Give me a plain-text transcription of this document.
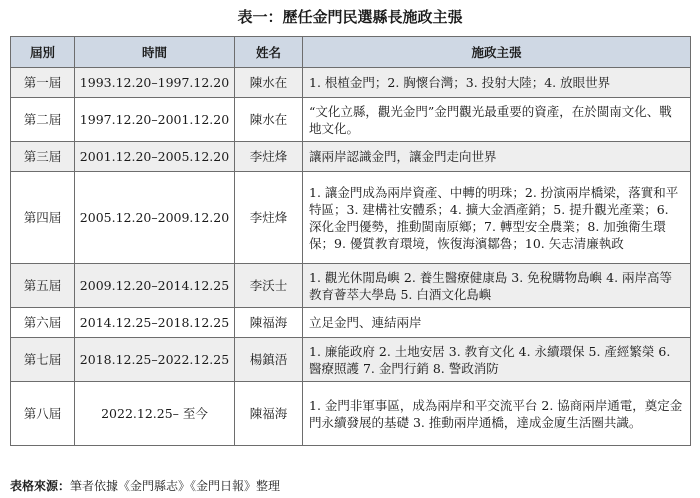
表一：歷任金門民選縣長施政主張
屆別	時間	姓名	施政主張
第一屆	1993.12.20–1997.12.20	陳水在	1. 根植金門；2. 胸懷台灣；3. 投射大陸；4. 放眼世界
第二屆	1997.12.20–2001.12.20	陳水在	“文化立縣，觀光金門”金門觀光最重要的資產，在於閩南文化、戰地文化。
第三屆	2001.12.20–2005.12.20	李炷烽	讓兩岸認識金門，讓金門走向世界
第四屆	2005.12.20–2009.12.20	李炷烽	1. 讓金門成為兩岸資產、中轉的明珠；2. 扮演兩岸橋梁，落實和平特區；3. 建構社安體系；4. 擴大金酒產銷；5. 提升觀光產業；6. 深化金門優勢，推動閩南原鄉；7. 轉型安全農業；8. 加強衛生環保；9. 優質教育環境，恢復海濱鄒魯；10. 矢志清廉執政
第五屆	2009.12.20–2014.12.25	李沃士	1. 觀光休閒島嶼 2. 養生醫療健康島 3. 免稅購物島嶼 4. 兩岸高等教育薈萃大學島 5. 白酒文化島嶼
第六屆	2014.12.25–2018.12.25	陳福海	立足金門、連結兩岸
第七屆	2018.12.25–2022.12.25	楊鎮浯	1. 廉能政府 2. 土地安居 3. 教育文化 4. 永續環保 5. 產經繁榮 6. 醫療照護 7. 金門行銷 8. 警政消防
第八屆	2022.12.25– 至今	陳福海	1. 金門非軍事區，成為兩岸和平交流平台 2. 協商兩岸通電，奠定金門永續發展的基礎 3. 推動兩岸通橋，達成金廈生活圈共識。
表格來源：筆者依據《金門縣志》《金門日報》整理
